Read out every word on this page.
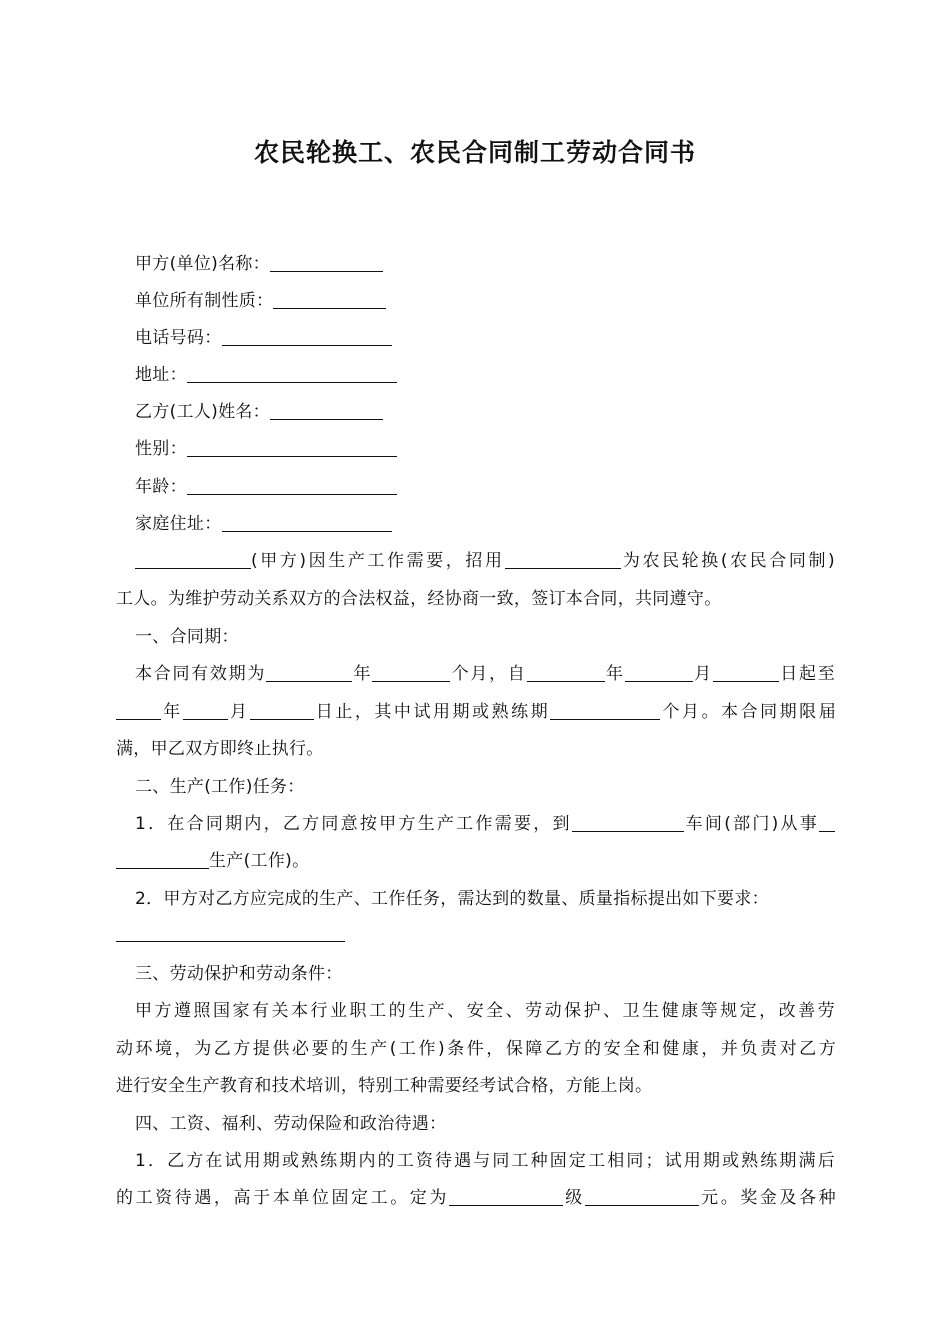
农民轮换工、农民合同制工劳动合同书
甲方(单位)名称：
单位所有制性质：
电话号码：
地址：
乙方(工人)姓名：
性别：
年龄：
家庭住址：
(甲方)因生产工作需要，招用	为农民轮换(农民合同制)
工人。为维护劳动关系双方的合法权益，经协商一致，签订本合同，共同遵守。
一、合同期：
本合同有效期为	年	个月，自	年	月	日起至
年	月	日止，其中试用期或熟练期	个月。本合同期限届
满，甲乙双方即终止执行。
二、生产(工作)任务：
1．在合同期内，乙方同意按甲方生产工作需要，到	车间(部门)从事
生产(工作)。
2．甲方对乙方应完成的生产、工作任务，需达到的数量、质量指标提出如下要求：
三、劳动保护和劳动条件：
甲方遵照国家有关本行业职工的生产、安全、劳动保护、卫生健康等规定，改善劳
动环境，为乙方提供必要的生产(工作)条件，保障乙方的安全和健康，并负责对乙方
进行安全生产教育和技术培训，特别工种需要经考试合格，方能上岗。
四、工资、福利、劳动保险和政治待遇：
1．乙方在试用期或熟练期内的工资待遇与同工种固定工相同；试用期或熟练期满后
的工资待遇，高于本单位固定工。定为	级	元。奖金及各种
